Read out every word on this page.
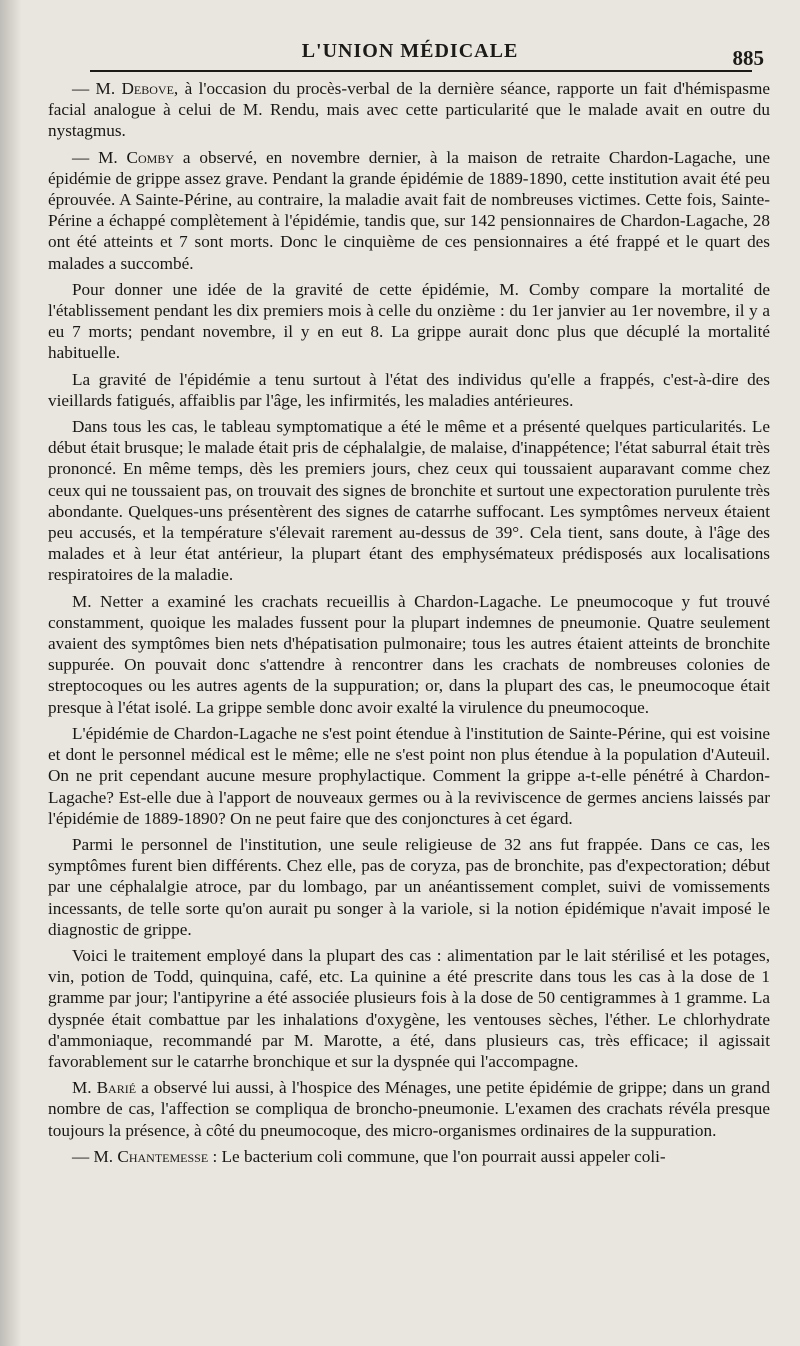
L'UNION MÉDICALE	885

— M. Debove, à l'occasion du procès-verbal de la dernière séance, rapporte un fait d'hémispasme facial analogue à celui de M. Rendu, mais avec cette particularité que le malade avait en outre du nystagmus.

— M. Comby a observé, en novembre dernier, à la maison de retraite Chardon-Lagache, une épidémie de grippe assez grave. Pendant la grande épidémie de 1889-1890, cette institution avait été peu éprouvée. A Sainte-Périne, au contraire, la maladie avait fait de nombreuses victimes. Cette fois, Sainte-Périne a échappé complètement à l'épidémie, tandis que, sur 142 pensionnaires de Chardon-Lagache, 28 ont été atteints et 7 sont morts. Donc le cinquième de ces pensionnaires a été frappé et le quart des malades a succombé.

Pour donner une idée de la gravité de cette épidémie, M. Comby compare la mortalité de l'établissement pendant les dix premiers mois à celle du onzième : du 1er janvier au 1er novembre, il y a eu 7 morts; pendant novembre, il y en eut 8. La grippe aurait donc plus que décuplé la mortalité habituelle.

La gravité de l'épidémie a tenu surtout à l'état des individus qu'elle a frappés, c'est-à-dire des vieillards fatigués, affaiblis par l'âge, les infirmités, les maladies antérieures.

Dans tous les cas, le tableau symptomatique a été le même et a présenté quelques particularités. Le début était brusque; le malade était pris de céphalalgie, de malaise, d'inappétence; l'état saburral était très prononcé. En même temps, dès les premiers jours, chez ceux qui toussaient auparavant comme chez ceux qui ne toussaient pas, on trouvait des signes de bronchite et surtout une expectoration purulente très abondante. Quelques-uns présentèrent des signes de catarrhe suffocant. Les symptômes nerveux étaient peu accusés, et la température s'élevait rarement au-dessus de 39°. Cela tient, sans doute, à l'âge des malades et à leur état antérieur, la plupart étant des emphysémateux prédisposés aux localisations respiratoires de la maladie.

M. Netter a examiné les crachats recueillis à Chardon-Lagache. Le pneumocoque y fut trouvé constamment, quoique les malades fussent pour la plupart indemnes de pneumonie. Quatre seulement avaient des symptômes bien nets d'hépatisation pulmonaire; tous les autres étaient atteints de bronchite suppurée. On pouvait donc s'attendre à rencontrer dans les crachats de nombreuses colonies de streptocoques ou les autres agents de la suppuration; or, dans la plupart des cas, le pneumocoque était presque à l'état isolé. La grippe semble donc avoir exalté la virulence du pneumocoque.

L'épidémie de Chardon-Lagache ne s'est point étendue à l'institution de Sainte-Périne, qui est voisine et dont le personnel médical est le même; elle ne s'est point non plus étendue à la population d'Auteuil. On ne prit cependant aucune mesure prophylactique. Comment la grippe a-t-elle pénétré à Chardon-Lagache? Est-elle due à l'apport de nouveaux germes ou à la reviviscence de germes anciens laissés par l'épidémie de 1889-1890? On ne peut faire que des conjonctures à cet égard.

Parmi le personnel de l'institution, une seule religieuse de 32 ans fut frappée. Dans ce cas, les symptômes furent bien différents. Chez elle, pas de coryza, pas de bronchite, pas d'expectoration; début par une céphalalgie atroce, par du lombago, par un anéantissement complet, suivi de vomissements incessants, de telle sorte qu'on aurait pu songer à la variole, si la notion épidémique n'avait imposé le diagnostic de grippe.

Voici le traitement employé dans la plupart des cas : alimentation par le lait stérilisé et les potages, vin, potion de Todd, quinquina, café, etc. La quinine a été prescrite dans tous les cas à la dose de 1 gramme par jour; l'antipyrine a été associée plusieurs fois à la dose de 50 centigrammes à 1 gramme. La dyspnée était combattue par les inhalations d'oxygène, les ventouses sèches, l'éther. Le chlorhydrate d'ammoniaque, recommandé par M. Marotte, a été, dans plusieurs cas, très efficace; il agissait favorablement sur le catarrhe bronchique et sur la dyspnée qui l'accompagne.

M. Barié a observé lui aussi, à l'hospice des Ménages, une petite épidémie de grippe; dans un grand nombre de cas, l'affection se compliqua de broncho-pneumonie. L'examen des crachats révéla presque toujours la présence, à côté du pneumocoque, des micro-organismes ordinaires de la suppuration.

— M. Chantemesse : Le bacterium coli commune, que l'on pourrait aussi appeler coli-
